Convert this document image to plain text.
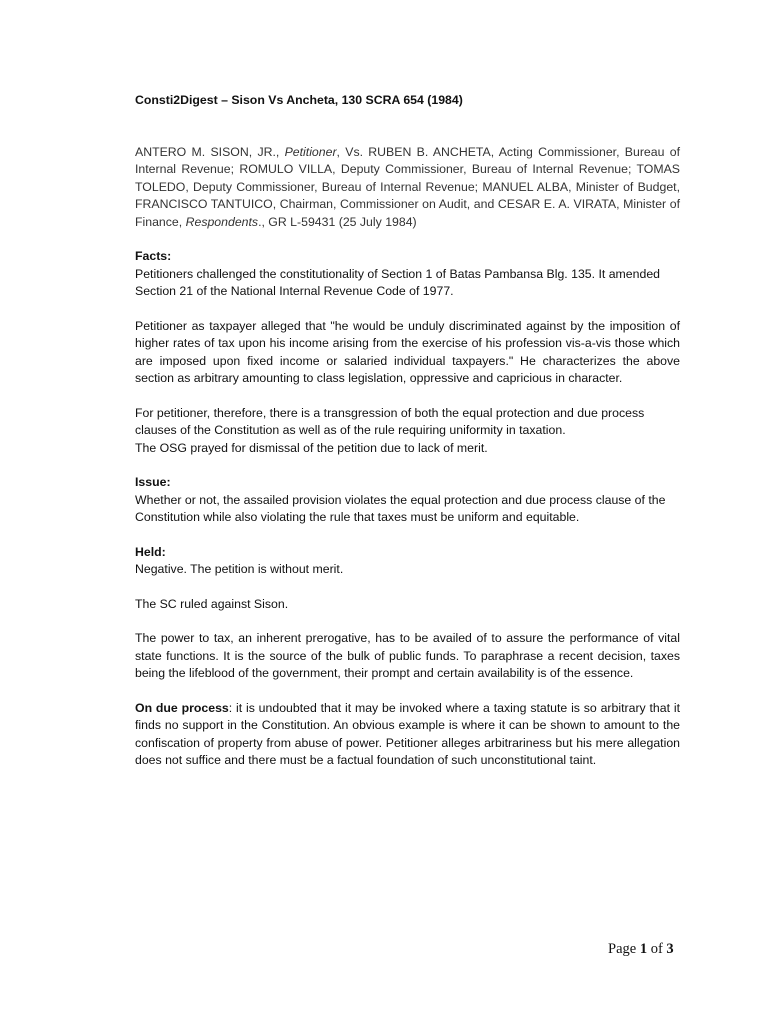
Consti2Digest – Sison Vs Ancheta, 130 SCRA 654 (1984)

ANTERO M. SISON, JR., Petitioner, Vs. RUBEN B. ANCHETA, Acting Commissioner, Bureau of Internal Revenue; ROMULO VILLA, Deputy Commissioner, Bureau of Internal Revenue; TOMAS TOLEDO, Deputy Commissioner, Bureau of Internal Revenue; MANUEL ALBA, Minister of Budget, FRANCISCO TANTUICO, Chairman, Commissioner on Audit, and CESAR E. A. VIRATA, Minister of Finance, Respondents., GR L-59431 (25 July 1984)

Facts:

Petitioners challenged the constitutionality of Section 1 of Batas Pambansa Blg. 135. It amended Section 21 of the National Internal Revenue Code of 1977.

Petitioner as taxpayer alleged that "he would be unduly discriminated against by the imposition of higher rates of tax upon his income arising from the exercise of his profession vis-a-vis those which are imposed upon fixed income or salaried individual taxpayers." He characterizes the above section as arbitrary amounting to class legislation, oppressive and capricious in character.

For petitioner, therefore, there is a transgression of both the equal protection and due process clauses of the Constitution as well as of the rule requiring uniformity in taxation.

The OSG prayed for dismissal of the petition due to lack of merit.

Issue:

Whether or not, the assailed provision violates the equal protection and due process clause of the Constitution while also violating the rule that taxes must be uniform and equitable.

Held:

Negative. The petition is without merit.

The SC ruled against Sison.

The power to tax, an inherent prerogative, has to be availed of to assure the performance of vital state functions. It is the source of the bulk of public funds. To paraphrase a recent decision, taxes being the lifeblood of the government, their prompt and certain availability is of the essence.

On due process: it is undoubted that it may be invoked where a taxing statute is so arbitrary that it finds no support in the Constitution. An obvious example is where it can be shown to amount to the confiscation of property from abuse of power. Petitioner alleges arbitrariness but his mere allegation does not suffice and there must be a factual foundation of such unconstitutional taint.

Page 1 of 3
